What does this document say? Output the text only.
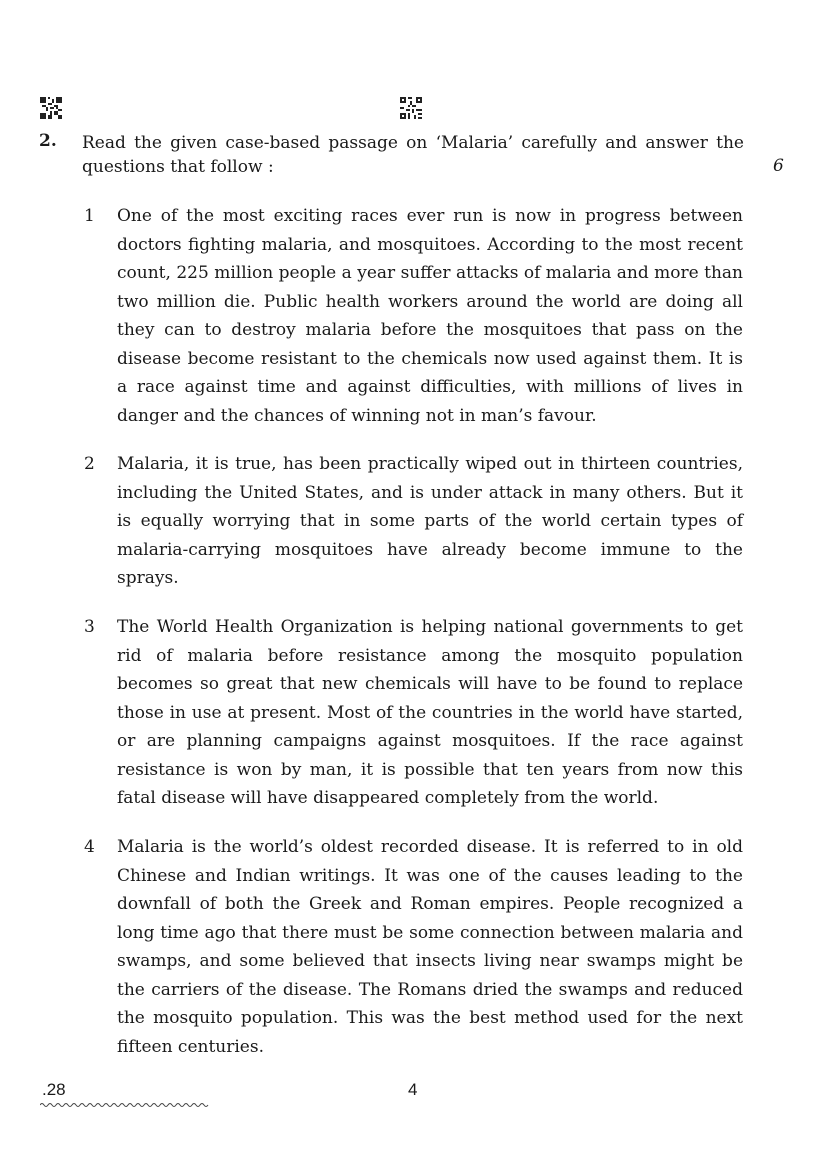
2. Read the given case-based passage on ‘Malaria’ carefully and answer the questions that follow :	6
1 One of the most exciting races ever run is now in progress between doctors fighting malaria, and mosquitoes. According to the most recent count, 225 million people a year suffer attacks of malaria and more than two million die. Public health workers around the world are doing all they can to destroy malaria before the mosquitoes that pass on the disease become resistant to the chemicals now used against them. It is a race against time and against difficulties, with millions of lives in danger and the chances of winning not in man’s favour.
2 Malaria, it is true, has been practically wiped out in thirteen countries, including the United States, and is under attack in many others. But it is equally worrying that in some parts of the world certain types of malaria-carrying mosquitoes have already become immune to the sprays.
3 The World Health Organization is helping national governments to get rid of malaria before resistance among the mosquito population becomes so great that new chemicals will have to be found to replace those in use at present. Most of the countries in the world have started, or are planning campaigns against mosquitoes. If the race against resistance is won by man, it is possible that ten years from now this fatal disease will have disappeared completely from the world.
4 Malaria is the world’s oldest recorded disease. It is referred to in old Chinese and Indian writings. It was one of the causes leading to the downfall of both the Greek and Roman empires. People recognized a long time ago that there must be some connection between malaria and swamps, and some believed that insects living near swamps might be the carriers of the disease. The Romans dried the swamps and reduced the mosquito population. This was the best method used for the next fifteen centuries.
.28	4
